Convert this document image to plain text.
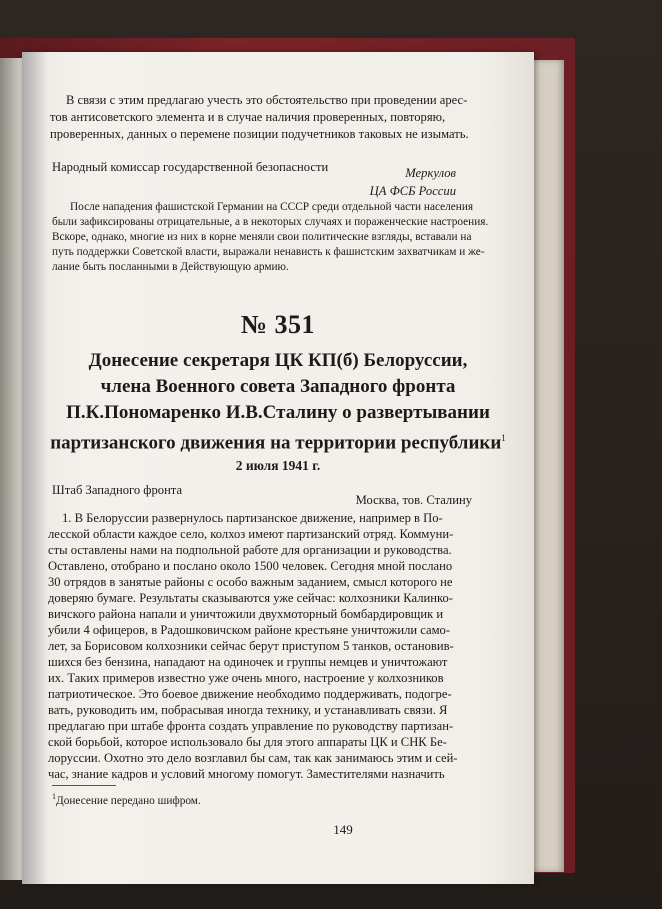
В связи с этим предлагаю учесть это обстоятельство при проведении арес-

тов антисоветского элемента и в случае наличия проверенных, повторяю,

проверенных, данных о перемене позиции подучетников таковых не изымать.

Народный комиссар государственной безопасности	Меркулов

ЦА ФСБ России

После нападения фашистской Германии на СССР среди отдельной части населения

были зафиксированы отрицательные, а в некоторых случаях и пораженческие настроения.

Вскоре, однако, многие из них в корне меняли свои политические взгляды, вставали на

путь поддержки Советской власти, выражали ненависть к фашистским захватчикам и же-

лание быть посланными в Действующую армию.

№ 351
Донесение секретаря ЦК КП(б) Белоруссии,
члена Военного совета Западного фронта
П.К.Пономаренко И.В.Сталину о развертывании
партизанского движения на территории республики$^1$
2 июля 1941 г.

Штаб Западного фронта

Москва, тов. Сталину

1. В Белоруссии развернулось партизанское движение, например в По-

лесской области каждое село, колхоз имеют партизанский отряд. Коммуни-

сты оставлены нами на подпольной работе для организации и руководства.

Оставлено, отобрано и послано около 1500 человек. Сегодня мной послано

30 отрядов в занятые районы с особо важным заданием, смысл которого не

доверяю бумаге. Результаты сказываются уже сейчас: колхозники Калинко-

вичского района напали и уничтожили двухмоторный бомбардировщик и

убили 4 офицеров, в Радошковичском районе крестьяне уничтожили само-

лет, за Борисовом колхозники сейчас берут приступом 5 танков, остановив-

шихся без бензина, нападают на одиночек и группы немцев и уничтожают

их. Таких примеров известно уже очень много, настроение у колхозников

патриотическое. Это боевое движение необходимо поддерживать, подогре-

вать, руководить им, побрасывая иногда технику, и устанавливать связи. Я

предлагаю при штабе фронта создать управление по руководству партизан-

ской борьбой, которое использовало бы для этого аппараты ЦК и СНК Бе-

лоруссии. Охотно это дело возглавил бы сам, так как занимаюсь этим и сей-

час, знание кадров и условий многому помогут. Заместителями назначить

$^1$Донесение передано шифром.

149
